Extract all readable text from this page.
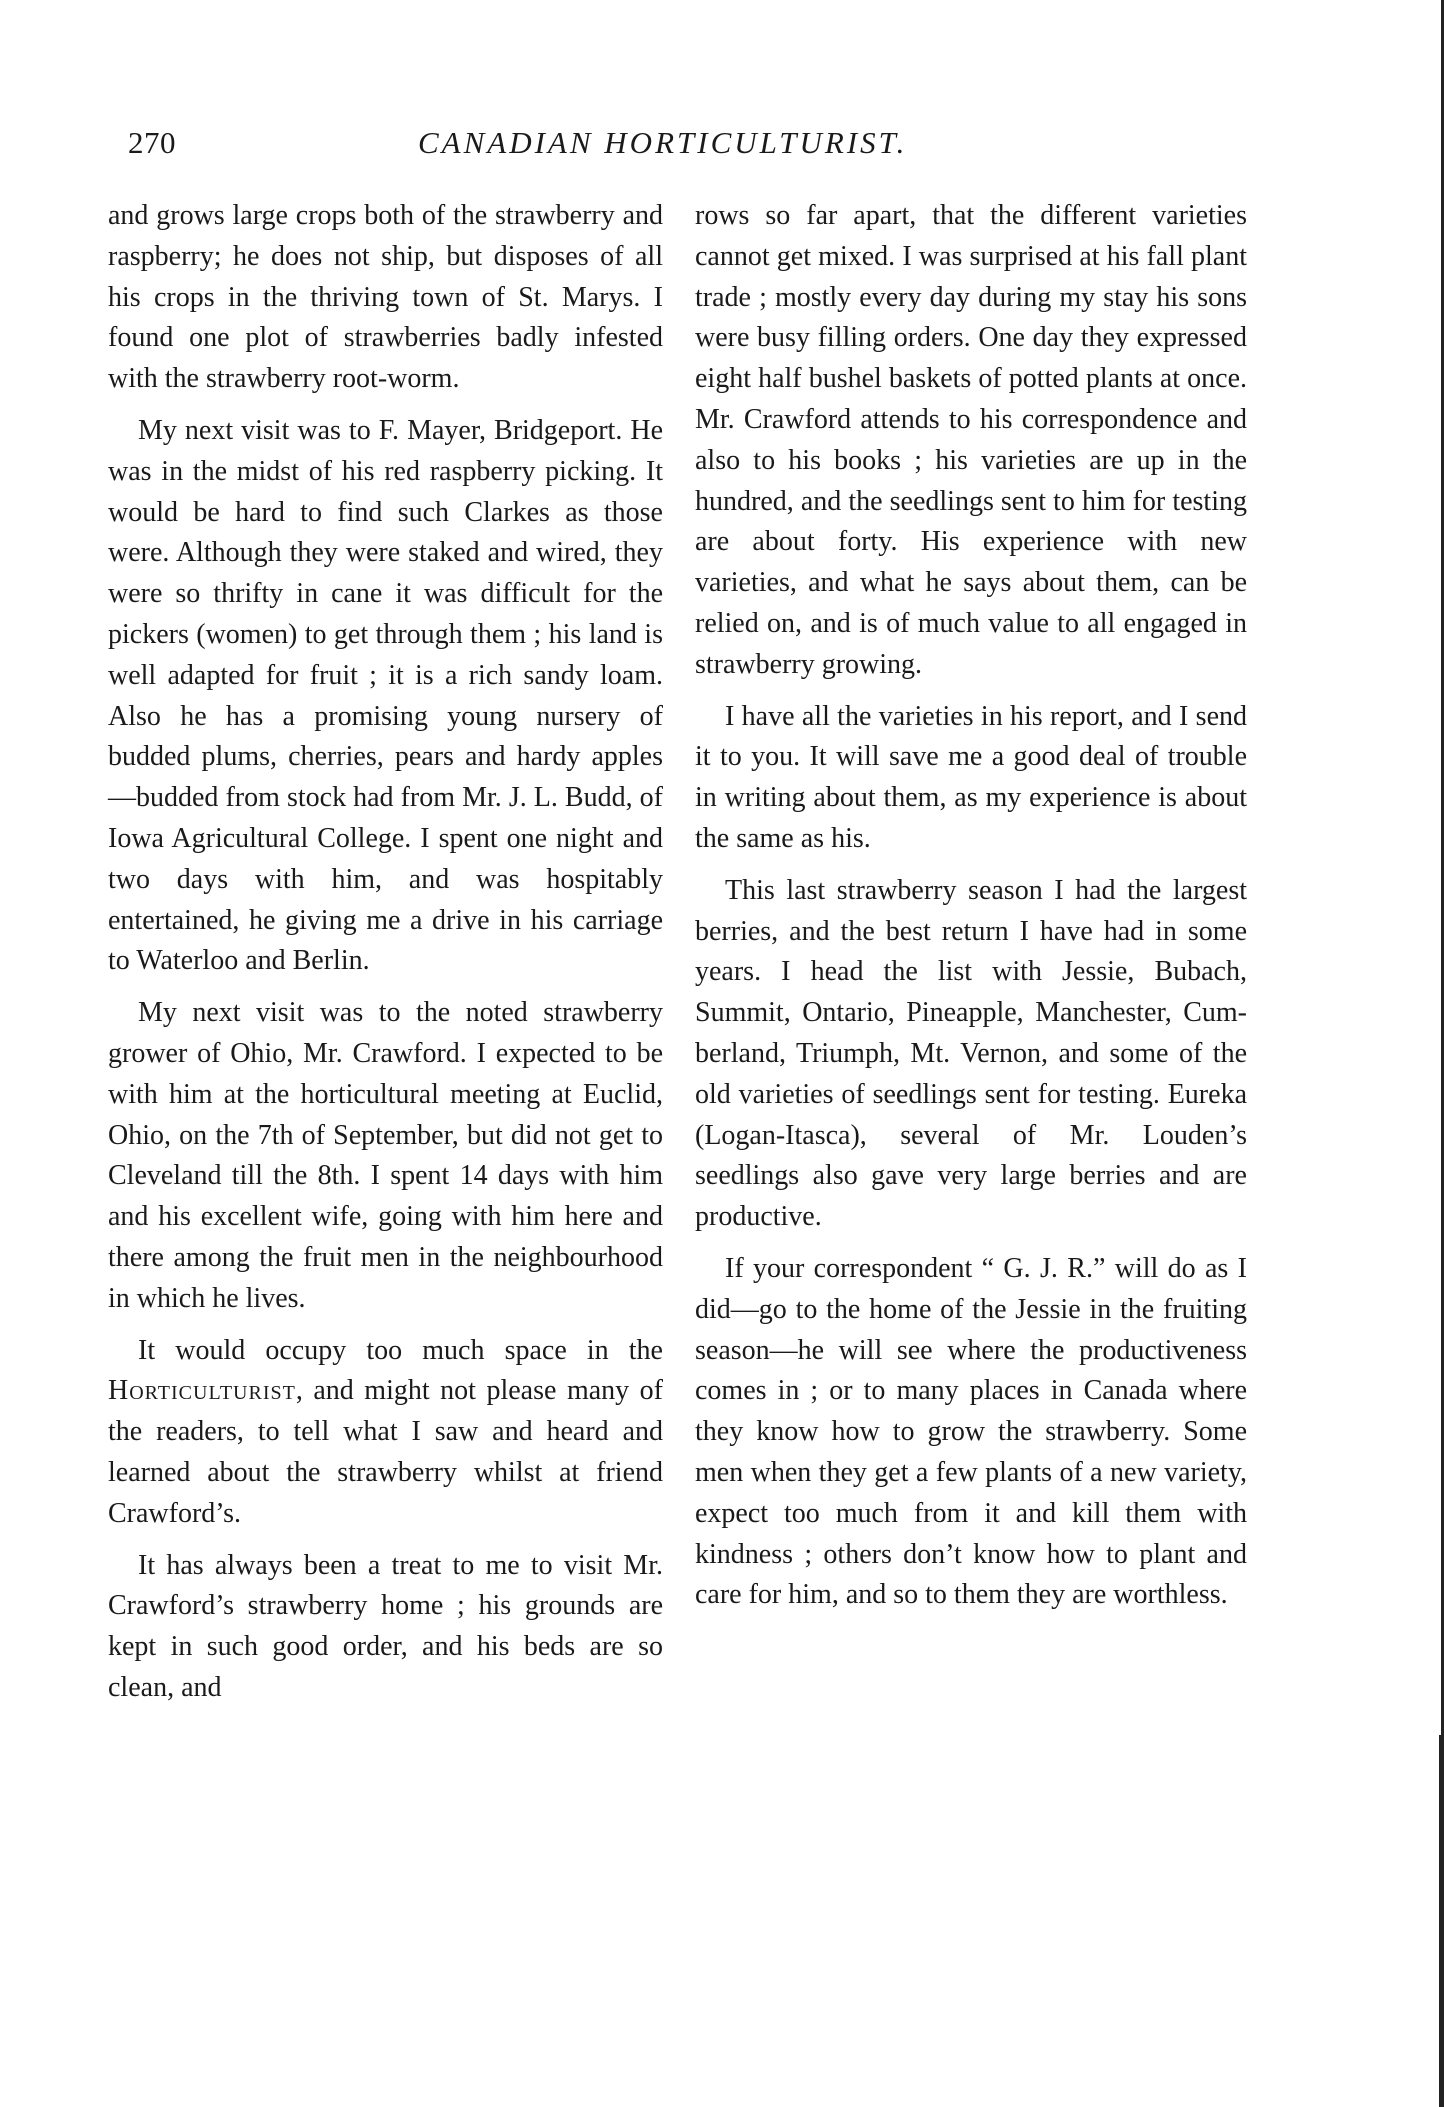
270	CANADIAN HORTICULTURIST.

and grows large crops both of the strawberry and raspberry; he does not ship, but disposes of all his crops in the thriving town of St. Marys. I found one plot of strawberries badly infested with the strawberry root-worm.

My next visit was to F. Mayer, Bridgeport. He was in the midst of his red raspberry picking. It would be hard to find such Clarkes as those were. Although they were staked and wired, they were so thrifty in cane it was difficult for the pickers (women) to get through them ; his land is well adapted for fruit ; it is a rich sandy loam. Also he has a promising young nursery of budded plums, cherries, pears and hardy apples—budded from stock had from Mr. J. L. Budd, of Iowa Agricultural College. I spent one night and two days with him, and was hospitably entertained, he giving me a drive in his carriage to Waterloo and Berlin.

My next visit was to the noted strawberry grower of Ohio, Mr. Crawford. I expected to be with him at the horticultural meeting at Euclid, Ohio, on the 7th of September, but did not get to Cleveland till the 8th. I spent 14 days with him and his excellent wife, going with him here and there among the fruit men in the neighbourhood in which he lives.

It would occupy too much space in the Horticulturist, and might not please many of the readers, to tell what I saw and heard and learned about the strawberry whilst at friend Crawford’s.

It has always been a treat to me to visit Mr. Crawford’s strawberry home ; his grounds are kept in such good order, and his beds are so clean, and

rows so far apart, that the different varieties cannot get mixed. I was surprised at his fall plant trade ; mostly every day during my stay his sons were busy filling orders. One day they expressed eight half bushel baskets of potted plants at once. Mr. Crawford attends to his correspondence and also to his books ; his varieties are up in the hundred, and the seedlings sent to him for testing are about forty. His experience with new varieties, and what he says about them, can be relied on, and is of much value to all engaged in strawberry growing.

I have all the varieties in his report, and I send it to you. It will save me a good deal of trouble in writing about them, as my experience is about the same as his.

This last strawberry season I had the largest berries, and the best return I have had in some years. I head the list with Jessie, Bubach, Summit, Ontario, Pineapple, Manchester, Cumberland, Triumph, Mt. Vernon, and some of the old varieties of seedlings sent for testing. Eureka (Logan-Itasca), several of Mr. Louden’s seedlings also gave very large berries and are productive.

If your correspondent “ G. J. R.” will do as I did—go to the home of the Jessie in the fruiting season—he will see where the productiveness comes in ; or to many places in Canada where they know how to grow the strawberry. Some men when they get a few plants of a new variety, expect too much from it and kill them with kindness ; others don’t know how to plant and care for him, and so to them they are worthless.
